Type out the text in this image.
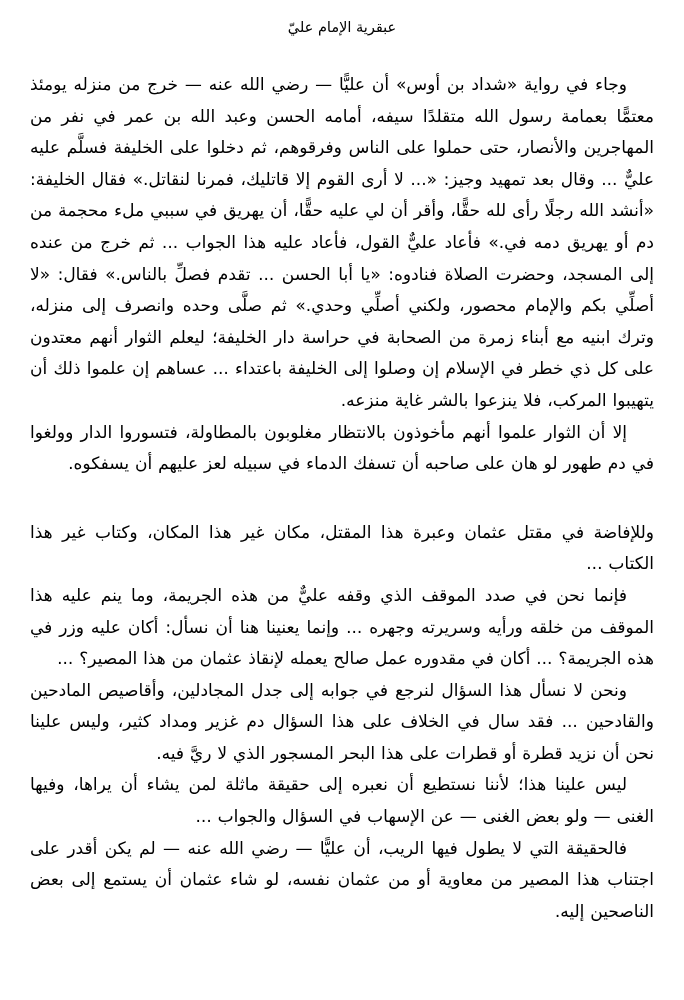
عبقرية الإمام عليّ

وجاء في رواية «شداد بن أوس» أن عليًّا — رضي الله عنه — خرج من منزله يومئذ معتمًّا بعمامة رسول الله متقلدًا سيفه، أمامه الحسن وعبد الله بن عمر في نفر من المهاجرين والأنصار، حتى حملوا على الناس وفرقوهم، ثم دخلوا على الخليفة فسلَّم عليه عليٌّ ... وقال بعد تمهيد وجيز: «... لا أرى القوم إلا قاتليك، فمرنا لنقاتل.» فقال الخليفة: «أنشد الله رجلًا رأى لله حقًّا، وأقر أن لي عليه حقًّا، أن يهريق في سببي ملء محجمة من دم أو يهريق دمه في.» فأعاد عليٌّ القول، فأعاد عليه هذا الجواب ... ثم خرج من عنده إلى المسجد، وحضرت الصلاة فنادوه: «يا أبا الحسن ... تقدم فصلِّ بالناس.» فقال: «لا أصلِّي بكم والإمام محصور، ولكني أصلِّي وحدي.» ثم صلَّى وحده وانصرف إلى منزله، وترك ابنيه مع أبناء زمرة من الصحابة في حراسة دار الخليفة؛ ليعلم الثوار أنهم معتدون على كل ذي خطر في الإسلام إن وصلوا إلى الخليفة باعتداء ... عساهم إن علموا ذلك أن يتهيبوا المركب، فلا ينزعوا بالشر غاية منزعه.

إلا أن الثوار علموا أنهم مأخوذون بالانتظار مغلوبون بالمطاولة، فتسوروا الدار وولغوا في دم طهور لو هان على صاحبه أن تسفك الدماء في سبيله لعز عليهم أن يسفكوه.

وللإفاضة في مقتل عثمان وعبرة هذا المقتل، مكان غير هذا المكان، وكتاب غير هذا الكتاب ...

فإنما نحن في صدد الموقف الذي وقفه عليٌّ من هذه الجريمة، وما ينم عليه هذا الموقف من خلقه ورأيه وسريرته وجهره ... وإنما يعنينا هنا أن نسأل: أكان عليه وزر في هذه الجريمة؟ ... أكان في مقدوره عمل صالح يعمله لإنقاذ عثمان من هذا المصير؟ ...

ونحن لا نسأل هذا السؤال لنرجع في جوابه إلى جدل المجادلين، وأقاصيص المادحين والقادحين ... فقد سال في الخلاف على هذا السؤال دم غزير ومداد كثير، وليس علينا نحن أن نزيد قطرة أو قطرات على هذا البحر المسجور الذي لا ريَّ فيه.

ليس علينا هذا؛ لأننا نستطيع أن نعبره إلى حقيقة ماثلة لمن يشاء أن يراها، وفيها الغنى — ولو بعض الغنى — عن الإسهاب في السؤال والجواب ...

فالحقيقة التي لا يطول فيها الريب، أن عليًّا — رضي الله عنه — لم يكن أقدر على اجتناب هذا المصير من معاوية أو من عثمان نفسه، لو شاء عثمان أن يستمع إلى بعض الناصحين إليه.
